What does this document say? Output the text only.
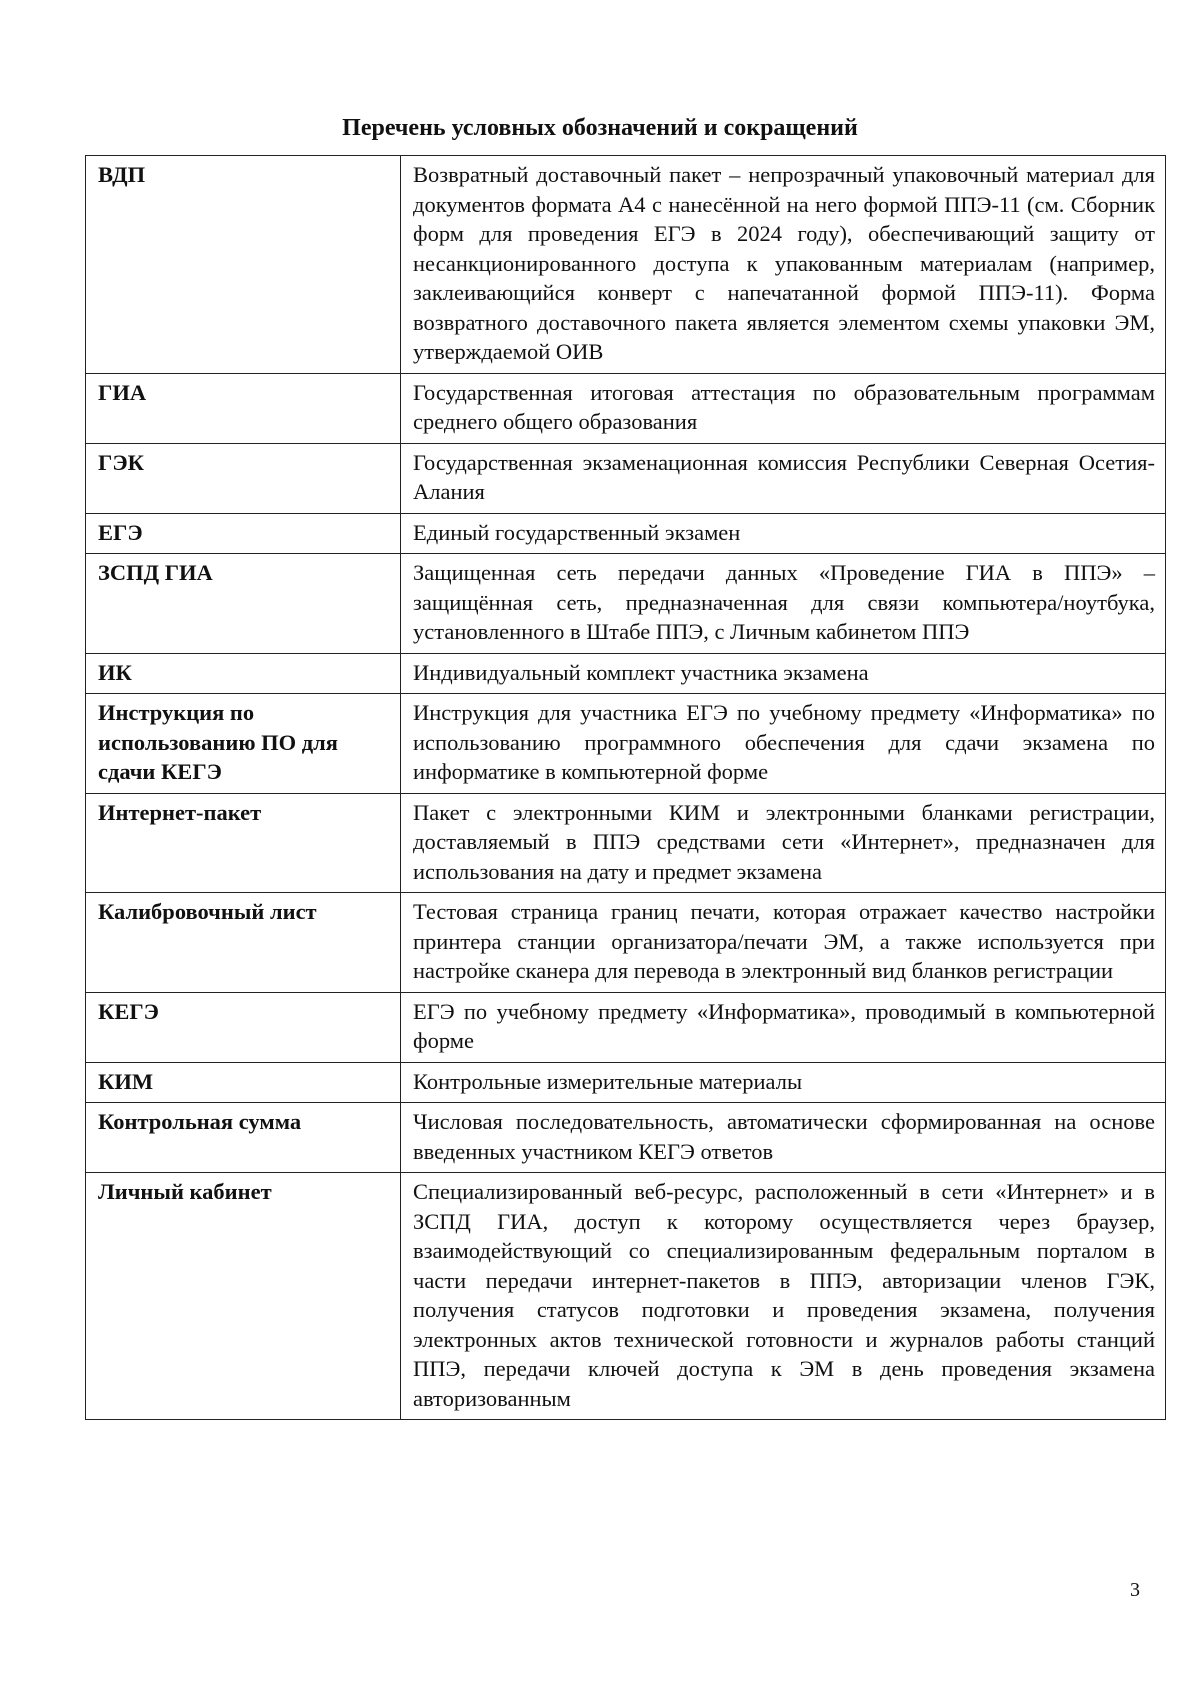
Перечень условных обозначений и сокращений
ВДП	Возвратный доставочный пакет – непрозрачный упаковочный материал для документов формата А4 с нанесённой на него формой ППЭ-11 (см. Сборник форм для проведения ЕГЭ в 2024 году), обеспечивающий защиту от несанкционированного доступа к упакованным материалам (например, заклеивающийся конверт с напечатанной формой ППЭ-11). Форма возвратного доставочного пакета является элементом схемы упаковки ЭМ, утверждаемой ОИВ
ГИА	Государственная итоговая аттестация по образовательным программам среднего общего образования
ГЭК	Государственная экзаменационная комиссия Республики Северная Осетия-Алания
ЕГЭ	Единый государственный экзамен
ЗСПД ГИА	Защищенная сеть передачи данных «Проведение ГИА в ППЭ» – защищённая сеть, предназначенная для связи компьютера/ноутбука, установленного в Штабе ППЭ, с Личным кабинетом ППЭ
ИК	Индивидуальный комплект участника экзамена
Инструкция по использованию ПО для сдачи КЕГЭ	Инструкция для участника ЕГЭ по учебному предмету «Информатика» по использованию программного обеспечения для сдачи экзамена по информатике в компьютерной форме
Интернет-пакет	Пакет с электронными КИМ и электронными бланками регистрации, доставляемый в ППЭ средствами сети «Интернет», предназначен для использования на дату и предмет экзамена
Калибровочный лист	Тестовая страница границ печати, которая отражает качество настройки принтера станции организатора/печати ЭМ, а также используется при настройке сканера для перевода в электронный вид бланков регистрации
КЕГЭ	ЕГЭ по учебному предмету «Информатика», проводимый в компьютерной форме
КИМ	Контрольные измерительные материалы
Контрольная сумма	Числовая последовательность, автоматически сформированная на основе введенных участником КЕГЭ ответов
Личный кабинет	Специализированный веб-ресурс, расположенный в сети «Интернет» и в ЗСПД ГИА, доступ к которому осуществляется через браузер, взаимодействующий со специализированным федеральным порталом в части передачи интернет-пакетов в ППЭ, авторизации членов ГЭК, получения статусов подготовки и проведения экзамена, получения электронных актов технической готовности и журналов работы станций ППЭ, передачи ключей доступа к ЭМ в день проведения экзамена авторизованным
3
